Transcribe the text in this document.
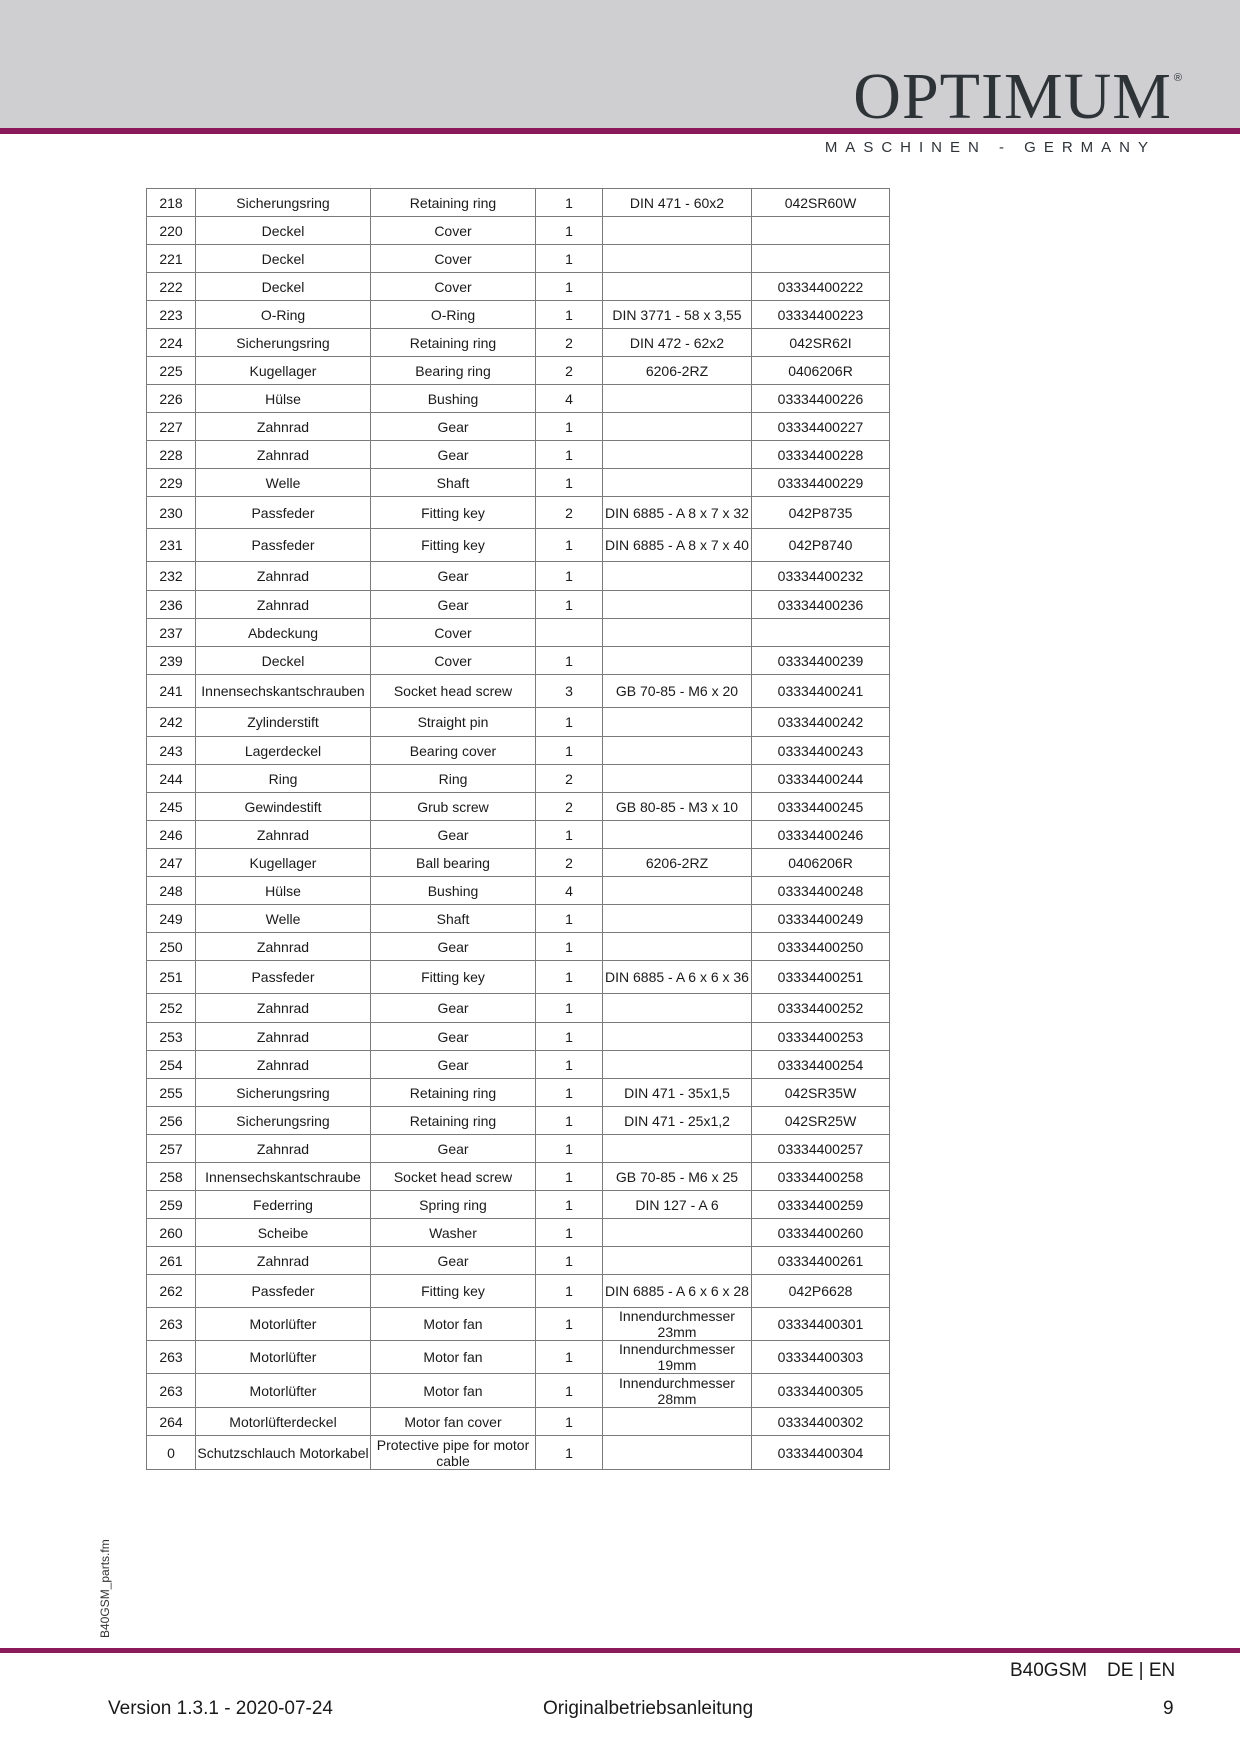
OPTIMUM ®
MASCHINEN - GERMANY
218	Sicherungsring	Retaining ring	1	DIN 471 - 60x2	042SR60W
220	Deckel	Cover	1		
221	Deckel	Cover	1		
222	Deckel	Cover	1		03334400222
223	O-Ring	O-Ring	1	DIN 3771 - 58 x 3,55	03334400223
224	Sicherungsring	Retaining ring	2	DIN 472 - 62x2	042SR62I
225	Kugellager	Bearing ring	2	6206-2RZ	0406206R
226	Hülse	Bushing	4		03334400226
227	Zahnrad	Gear	1		03334400227
228	Zahnrad	Gear	1		03334400228
229	Welle	Shaft	1		03334400229
230	Passfeder	Fitting key	2	DIN 6885 - A 8 x 7 x 32	042P8735
231	Passfeder	Fitting key	1	DIN 6885 - A 8 x 7 x 40	042P8740
232	Zahnrad	Gear	1		03334400232
236	Zahnrad	Gear	1		03334400236
237	Abdeckung	Cover			
239	Deckel	Cover	1		03334400239
241	Innensechskantschrauben	Socket head screw	3	GB 70-85 - M6 x 20	03334400241
242	Zylinderstift	Straight pin	1		03334400242
243	Lagerdeckel	Bearing cover	1		03334400243
244	Ring	Ring	2		03334400244
245	Gewindestift	Grub screw	2	GB 80-85 - M3 x 10	03334400245
246	Zahnrad	Gear	1		03334400246
247	Kugellager	Ball bearing	2	6206-2RZ	0406206R
248	Hülse	Bushing	4		03334400248
249	Welle	Shaft	1		03334400249
250	Zahnrad	Gear	1		03334400250
251	Passfeder	Fitting key	1	DIN 6885 - A 6 x 6 x 36	03334400251
252	Zahnrad	Gear	1		03334400252
253	Zahnrad	Gear	1		03334400253
254	Zahnrad	Gear	1		03334400254
255	Sicherungsring	Retaining ring	1	DIN 471 - 35x1,5	042SR35W
256	Sicherungsring	Retaining ring	1	DIN 471 - 25x1,2	042SR25W
257	Zahnrad	Gear	1		03334400257
258	Innensechskantschraube	Socket head screw	1	GB 70-85 - M6 x 25	03334400258
259	Federring	Spring ring	1	DIN 127 - A 6	03334400259
260	Scheibe	Washer	1		03334400260
261	Zahnrad	Gear	1		03334400261
262	Passfeder	Fitting key	1	DIN 6885 - A 6 x 6 x 28	042P6628
263	Motorlüfter	Motor fan	1	Innendurchmesser 23mm	03334400301
263	Motorlüfter	Motor fan	1	Innendurchmesser 19mm	03334400303
263	Motorlüfter	Motor fan	1	Innendurchmesser 28mm	03334400305
264	Motorlüfterdeckel	Motor fan cover	1		03334400302
0	Schutzschlauch Motorkabel	Protective pipe for motor cable	1		03334400304
B40GSM_parts.fm
B40GSM DE | EN
Version 1.3.1 - 2020-07-24	Originalbetriebsanleitung	9
